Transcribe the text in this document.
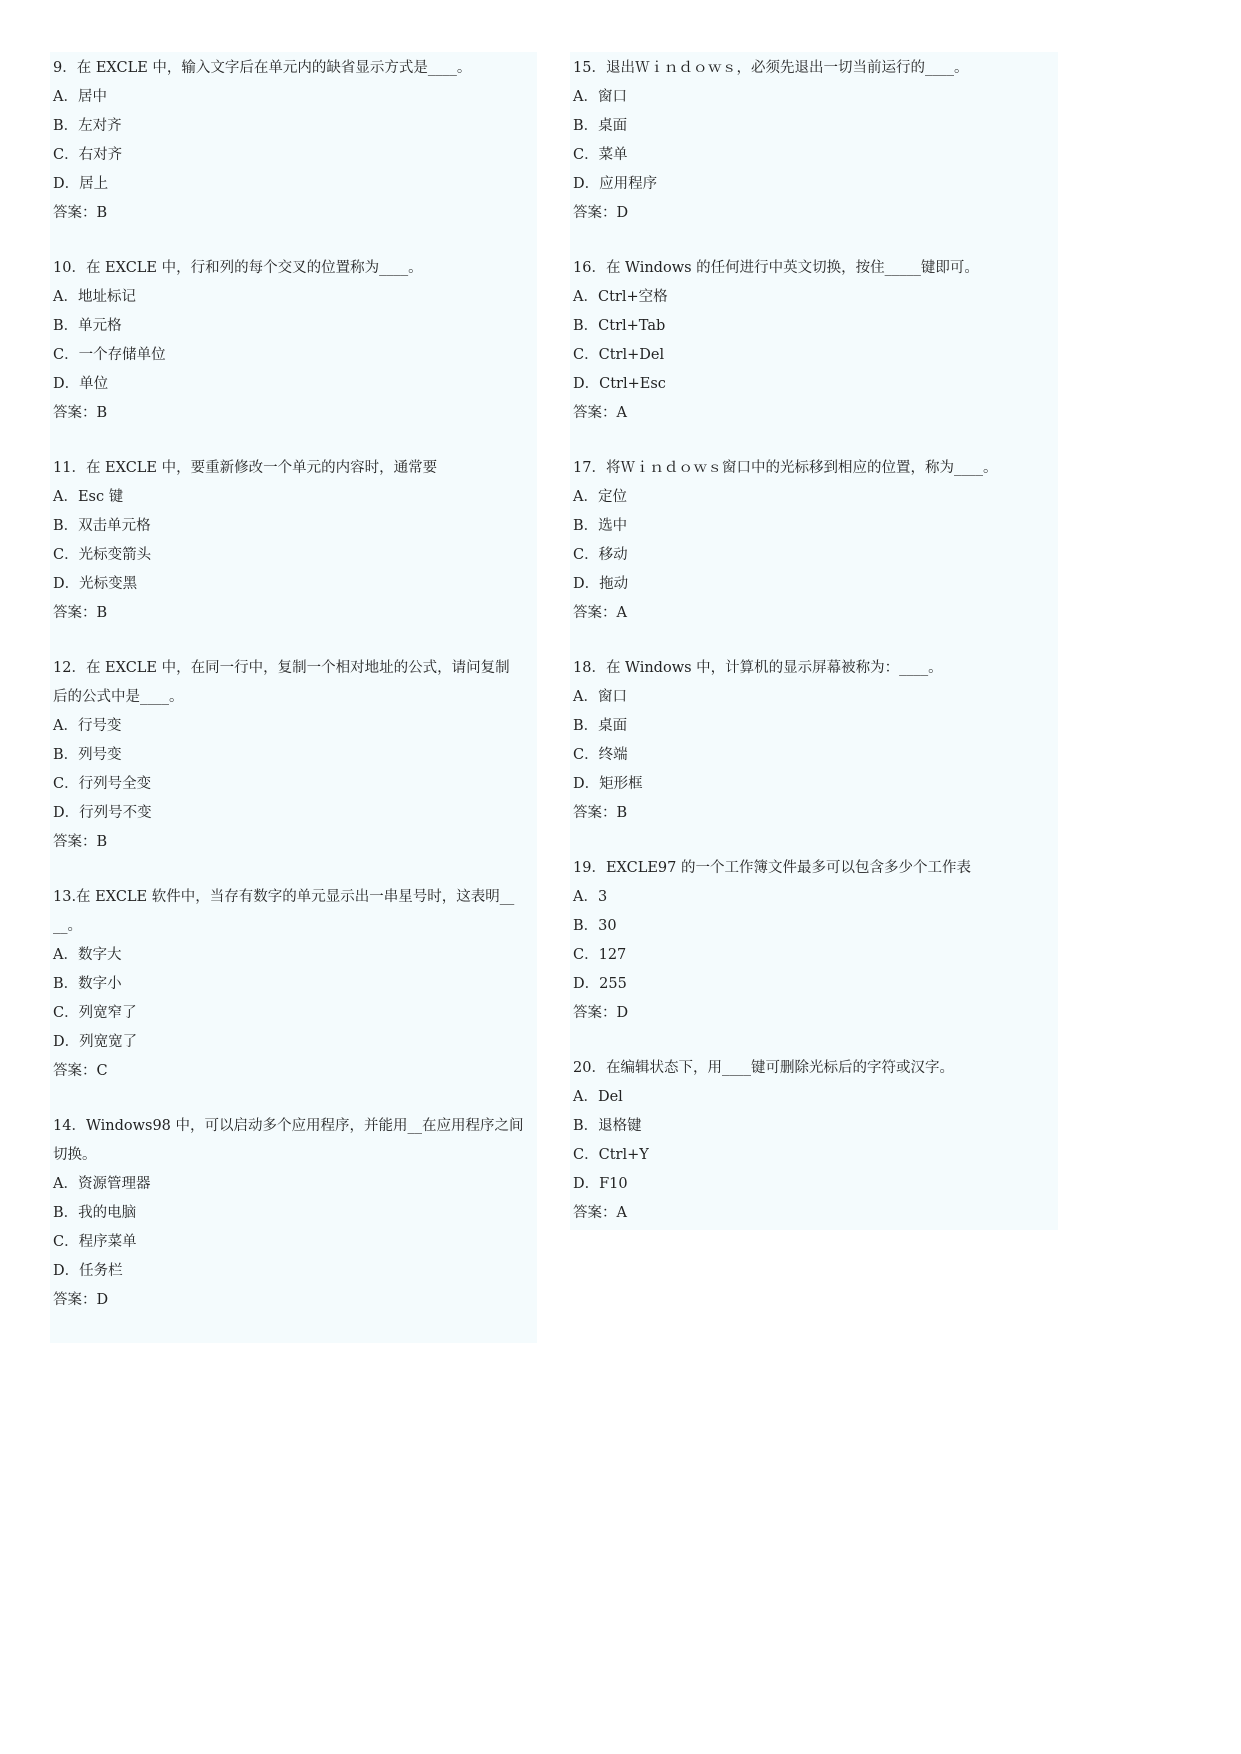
9．在 EXCLE 中，输入文字后在单元内的缺省显示方式是____。
A．居中
B．左对齐
C．右对齐
D．居上
答案：B
10．在 EXCLE 中，行和列的每个交叉的位置称为____。
A．地址标记
B．单元格
C．一个存储单位
D．单位
答案：B
11．在 EXCLE 中，要重新修改一个单元的内容时，通常要
A．Esc 键
B．双击单元格
C．光标变箭头
D．光标变黑
答案：B
12．在 EXCLE 中，在同一行中，复制一个相对地址的公式，请问复制
后的公式中是____。
A．行号变
B．列号变
C．行列号全变
D．行列号不变
答案：B
13.在 EXCLE 软件中，当存有数字的单元显示出一串星号时，这表明__
__。
A．数字大
B．数字小
C．列宽窄了
D．列宽宽了
答案：C
14．Windows98 中，可以启动多个应用程序，并能用__在应用程序之间
切换。
A．资源管理器
B．我的电脑
C．程序菜单
D．任务栏
答案：D
15．退出Ｗｉｎｄｏｗｓ，必须先退出一切当前运行的____。
A．窗口
B．桌面
C．菜单
D．应用程序
答案：D
16．在 Windows 的任何进行中英文切换，按住_____键即可。
A．Ctrl+空格
B．Ctrl+Tab
C．Ctrl+Del
D．Ctrl+Esc
答案：A
17．将Ｗｉｎｄｏｗｓ窗口中的光标移到相应的位置，称为____。
A．定位
B．选中
C．移动
D．拖动
答案：A
18．在 Windows 中，计算机的显示屏幕被称为：____。
A．窗口
B．桌面
C．终端
D．矩形框
答案：B
19．EXCLE97 的一个工作簿文件最多可以包含多少个工作表
A．3
B．30
C．127
D．255
答案：D
20．在编辑状态下，用____键可删除光标后的字符或汉字。
A．Del
B．退格键
C．Ctrl+Y
D．F10
答案：A
